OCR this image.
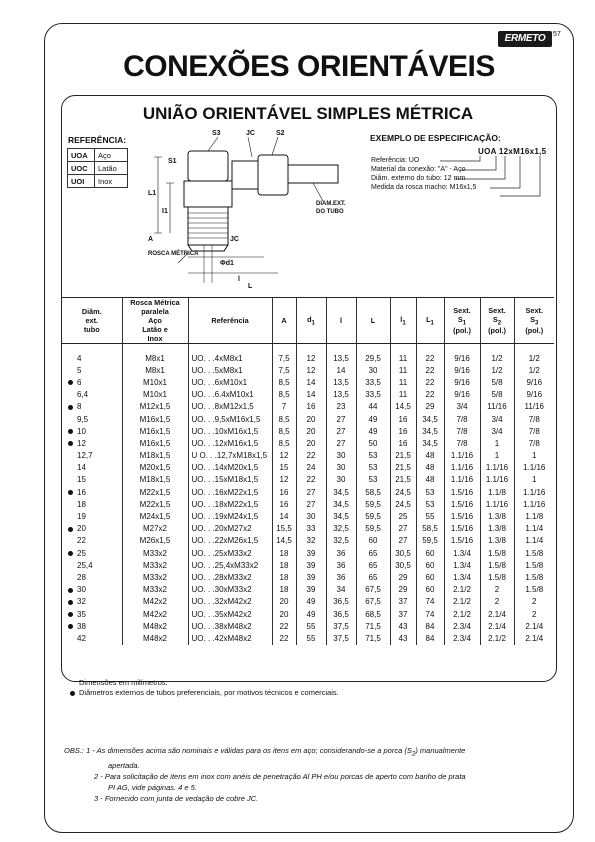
ERMETO	57
CONEXÕES ORIENTÁVEIS
UNIÃO ORIENTÁVEL SIMPLES MÉTRICA
REFERÊNCIA:
UOA	Aço
UOC	Latão
UOI	Inox
EXEMPLO DE ESPECIFICAÇÃO:
UOA 12xM16x1,5
Referência: UO
Material da conexão: "A" - Aço
Diâm. externo do tubo: 12 mm
Medida da rosca macho: M16x1,5
S3	JC	S2
S1
L1
I1
A	JC
ROSCA MÉTRICA
Φd1
l
L
DIAM.EXT.
DO TUBO
Diâm.
ext.
tubo	Rosca Métrica
paralela
Aço
Latão e
Inox	Referência	A	$d_1$	l	L	$l_1$	$L_1$	Sext.
$S_1$
(pol.)	Sext.
$S_2$
(pol.)	Sext.
$S_3$
(pol.)
4	M8x1	UO. . .4xM8x1	7,5	12	13,5	29,5	11	22	9/16	1/2	1/2
5	M8x1	UO. . .5xM8x1	7,5	12	14	30	11	22	9/16	1/2	1/2
6	M10x1	UO. . .6xM10x1	8,5	14	13,5	33,5	11	22	9/16	5/8	9/16
6,4	M10x1	UO. . .6.4xM10x1	8,5	14	13,5	33,5	11	22	9/16	5/8	9/16
8	M12x1,5	UO. . .8xM12x1,5	7	16	23	44	14,5	29	3/4	11/16	11/16
9,5	M16x1,5	UO. . .9,5xM16x1,5	8,5	20	27	49	16	34,5	7/8	3/4	7/8
10	M16x1,5	UO. . .10xM16x1,5	8,5	20	27	49	16	34,5	7/8	3/4	7/8
12	M16x1,5	UO. . .12xM16x1,5	8,5	20	27	50	16	34,5	7/8	1	7/8
12,7	M18x1,5	U O. . .12,7xM18x1,5	12	22	30	53	21,5	48	1.1/16	1	1
14	M20x1,5	UO. . .14xM20x1,5	15	24	30	53	21,5	48	1.1/16	1.1/16	1.1/16
15	M18x1,5	UO. . .15xM18x1,5	12	22	30	53	21,5	48	1.1/16	1.1/16	1
16	M22x1,5	UO. . .16xM22x1,5	16	27	34,5	58,5	24,5	53	1.5/16	1.1/8	1.1/16
18	M22x1,5	UO. . .18xM22x1,5	16	27	34,5	59,5	24,5	53	1.5/16	1.1/16	1.1/16
19	M24x1,5	UO. . .19xM24x1,5	14	30	34,5	59,5	25	55	1.5/16	1.3/8	1.1/8
20	M27x2	UO. . .20xM27x2	15,5	33	32,5	59,5	27	58,5	1.5/16	1.3/8	1.1/4
22	M26x1,5	UO. . .22xM26x1,5	14,5	32	32,5	60	27	59,5	1.5/16	1.3/8	1.1/4
25	M33x2	UO. . .25xM33x2	18	39	36	65	30,5	60	1.3/4	1.5/8	1.5/8
25,4	M33x2	UO. . .25,4xM33x2	18	39	36	65	30,5	60	1.3/4	1.5/8	1.5/8
28	M33x2	UO. . .28xM33x2	18	39	36	65	29	60	1.3/4	1.5/8	1.5/8
30	M33x2	UO. . .30xM33x2	18	39	34	67,5	29	60	2.1/2	2	1.5/8
32	M42x2	UO. . .32xM42x2	20	49	36,5	67,5	37	74	2.1/2	2	2
35	M42x2	UO. . .35xM42x2	20	49	36,5	68,5	37	74	2.1/2	2.1/4	2
38	M48x2	UO. . .38xM48x2	22	55	37,5	71,5	43	84	2.3/4	2.1/4	2.1/4
42	M48x2	UO. . .42xM48x2	22	55	37,5	71,5	43	84	2.3/4	2.1/2	2.1/4
Dimensões em milímetros.
Diâmetros externos de tubos preferenciais, por motivos técnicos e comerciais.
OBS.: 1 - As dimensões acima são nominais e válidas para os itens em aço; considerando-se a porca $(S_2)$ manualmente
apertada.
2 - Para solicitação de itens em inox com anéis de penetração Al PH e/ou porcas de aperto com banho de prata
PI AG, vide páginas. 4 e 5.
3 - Fornecido com junta de vedação de cobre JC.
